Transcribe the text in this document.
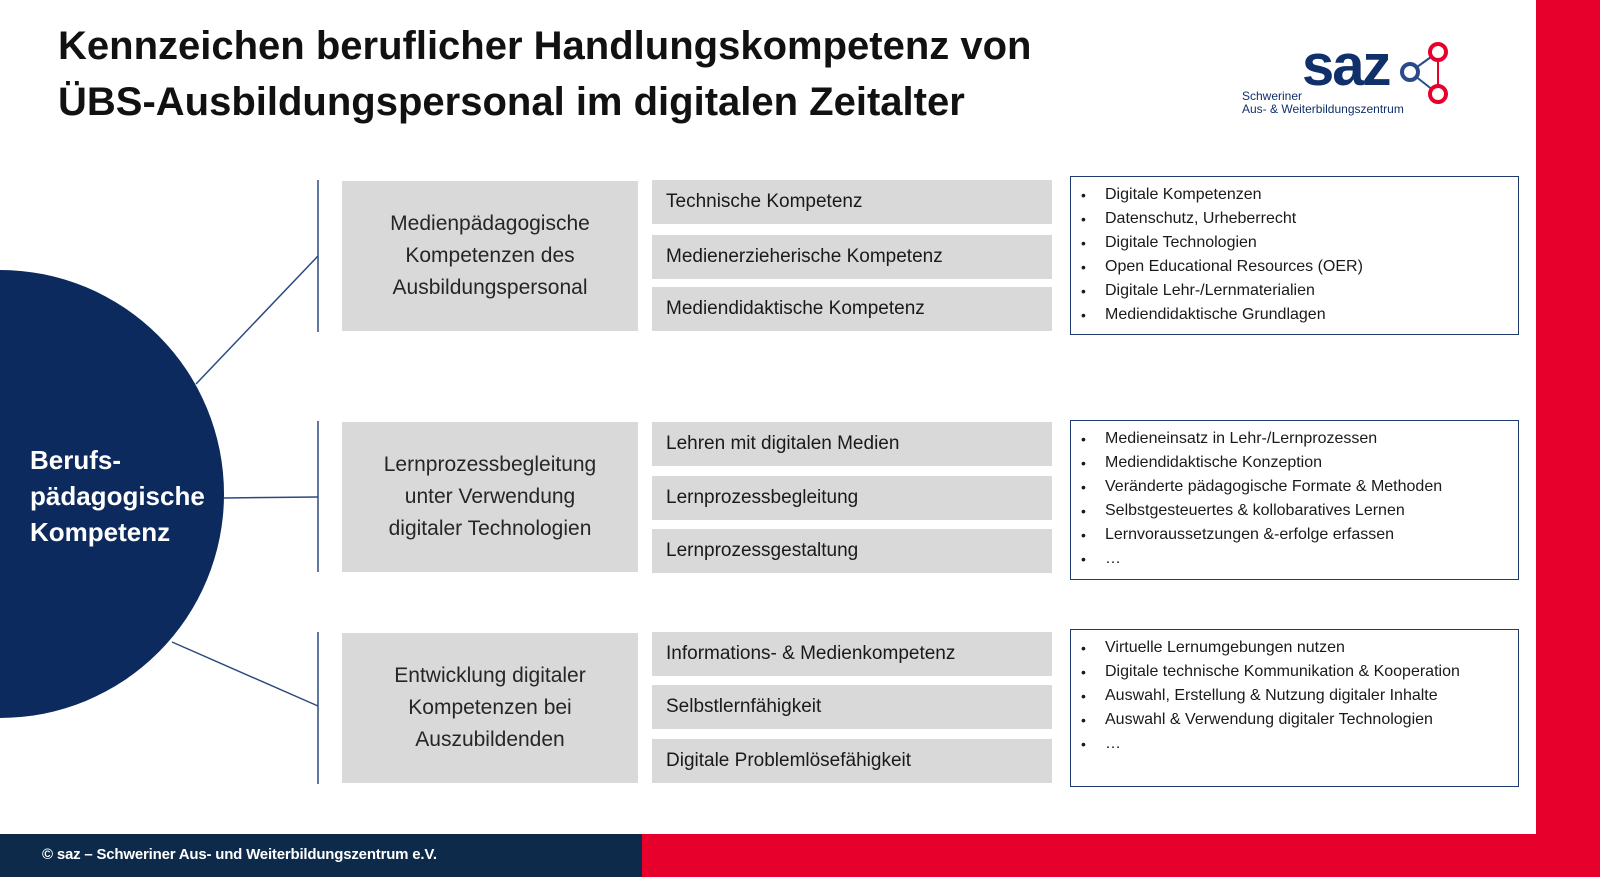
© saz – Schweriner Aus- und Weiterbildungszentrum e.V.
Kennzeichen beruflicher Handlungskompetenz von
ÜBS-Ausbildungspersonal im digitalen Zeitalter
saz
Schweriner
Aus- & Weiterbildungszentrum
Berufs-
pädagogische
Kompetenz
Medienpädagogische Kompetenzen des Ausbildungspersonal
Technische Kompetenz
Medienerzieherische Kompetenz
Mediendidaktische Kompetenz
• Digitale Kompetenzen
• Datenschutz, Urheberrecht
• Digitale Technologien
• Open Educational Resources (OER)
• Digitale Lehr-/Lernmaterialien
• Mediendidaktische Grundlagen
Lernprozessbegleitung unter Verwendung digitaler Technologien
Lehren mit digitalen Medien
Lernprozessbegleitung
Lernprozessgestaltung
• Medieneinsatz in Lehr-/Lernprozessen
• Mediendidaktische Konzeption
• Veränderte pädagogische Formate & Methoden
• Selbstgesteuertes & kollobaratives Lernen
• Lernvoraussetzungen &-erfolge erfassen
• …
Entwicklung digitaler Kompetenzen bei Auszubildenden
Informations- & Medienkompetenz
Selbstlernfähigkeit
Digitale Problemlösefähigkeit
• Virtuelle Lernumgebungen nutzen
• Digitale technische Kommunikation & Kooperation
• Auswahl, Erstellung & Nutzung digitaler Inhalte
• Auswahl & Verwendung digitaler Technologien
• …
